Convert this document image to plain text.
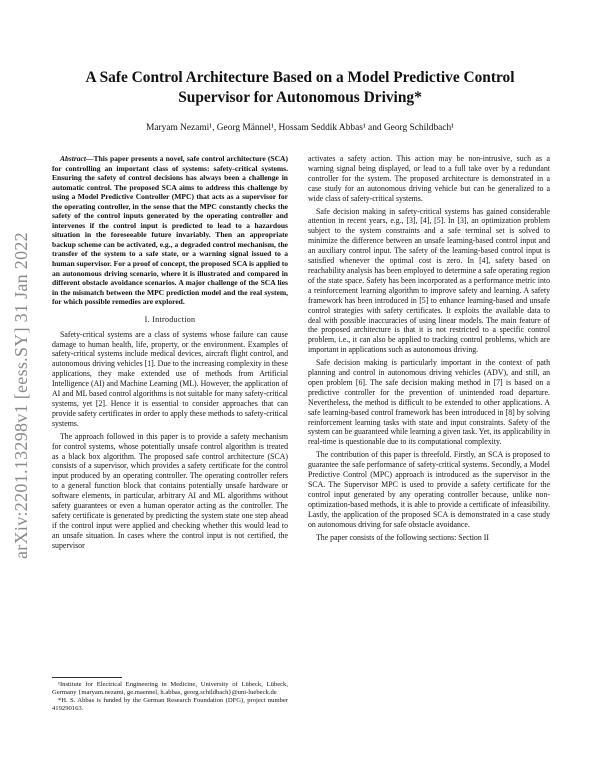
arXiv:2201.13298v1 [eess.SY] 31 Jan 2022
A Safe Control Architecture Based on a Model Predictive Control Supervisor for Autonomous Driving*
Maryam Nezami¹, Georg Männel¹, Hossam Seddik Abbas¹ and Georg Schildbach¹

Abstract—This paper presents a novel, safe control architecture (SCA) for controlling an important class of systems: safety-critical systems. Ensuring the safety of control decisions has always been a challenge in automatic control. The proposed SCA aims to address this challenge by using a Model Predictive Controller (MPC) that acts as a supervisor for the operating controller, in the sense that the MPC constantly checks the safety of the control inputs generated by the operating controller and intervenes if the control input is predicted to lead to a hazardous situation in the foreseeable future invariably. Then an appropriate backup scheme can be activated, e.g., a degraded control mechanism, the transfer of the system to a safe state, or a warning signal issued to a human supervisor. For a proof of concept, the proposed SCA is applied to an autonomous driving scenario, where it is illustrated and compared in different obstacle avoidance scenarios. A major challenge of the SCA lies in the mismatch between the MPC prediction model and the real system, for which possible remedies are explored.

I. Introduction

Safety-critical systems are a class of systems whose failure can cause damage to human health, life, property, or the environment. Examples of safety-critical systems include medical devices, aircraft flight control, and autonomous driving vehicles [1]. Due to the increasing complexity in these applications, they make extended use of methods from Artificial Intelligence (AI) and Machine Learning (ML). However, the application of AI and ML based control algorithms is not suitable for many safety-critical systems, yet [2]. Hence it is essential to consider approaches that can provide safety certificates in order to apply these methods to safety-critical systems.

The approach followed in this paper is to provide a safety mechanism for control systems, whose potentially unsafe control algorithm is treated as a black box algorithm. The proposed safe control architecture (SCA) consists of a supervisor, which provides a safety certificate for the control input produced by an operating controller. The operating controller refers to a general function block that contains potentially unsafe hardware or software elements, in particular, arbitrary AI and ML algorithms without safety guarantees or even a human operator acting as the controller. The safety certificate is generated by predicting the system state one step ahead if the control input were applied and checking whether this would lead to an unsafe situation. In cases where the control input is not certified, the supervisor

activates a safety action. This action may be non-intrusive, such as a warning signal being displayed, or lead to a full take over by a redundant controller for the system. The proposed architecture is demonstrated in a case study for an autonomous driving vehicle but can be generalized to a wide class of safety-critical systems.

Safe decision making in safety-critical systems has gained considerable attention in recent years, e.g., [3], [4], [5]. In [3], an optimization problem subject to the system constraints and a safe terminal set is solved to minimize the difference between an unsafe learning-based control input and an auxiliary control input. The safety of the learning-based control input is satisfied whenever the optimal cost is zero. In [4], safety based on reachability analysis has been employed to determine a safe operating region of the state space. Safety has been incorporated as a performance metric into a reinforcement learning algorithm to improve safety and learning. A safety framework has been introduced in [5] to enhance learning-based and unsafe control strategies with safety certificates. It exploits the available data to deal with possible inaccuracies of using linear models. The main feature of the proposed architecture is that it is not restricted to a specific control problem, i.e., it can also be applied to tracking control problems, which are important in applications such as autonomous driving.

Safe decision making is particularly important in the context of path planning and control in autonomous driving vehicles (ADV), and still, an open problem [6]. The safe decision making method in [7] is based on a predictive controller for the prevention of unintended road departure. Nevertheless, the method is difficult to be extended to other applications. A safe learning-based control framework has been introduced in [8] by solving reinforcement learning tasks with state and input constraints. Safety of the system can be guaranteed while learning a given task. Yet, its applicability in real-time is questionable due to its computational complexity.

The contribution of this paper is threefold. Firstly, an SCA is proposed to guarantee the safe performance of safety-critical systems. Secondly, a Model Predictive Control (MPC) approach is introduced as the supervisor in the SCA. The Supervisor MPC is used to provide a safety certificate for the control input generated by any operating controller because, unlike non-optimization-based methods, it is able to provide a certificate of infeasibility. Lastly, the application of the proposed SCA is demonstrated in a case study on autonomous driving for safe obstacle avoidance.

The paper consists of the following sections: Section II

¹Institute for Electrical Engineering in Medicine, University of Lübeck, Lübeck, Germany {maryam.nezami, ge.maennel, h.abbas, georg.schildbach}@uni-luebeck.de

*H. S. Abbas is funded by the German Research Foundation (DFG), project number 419290163.
